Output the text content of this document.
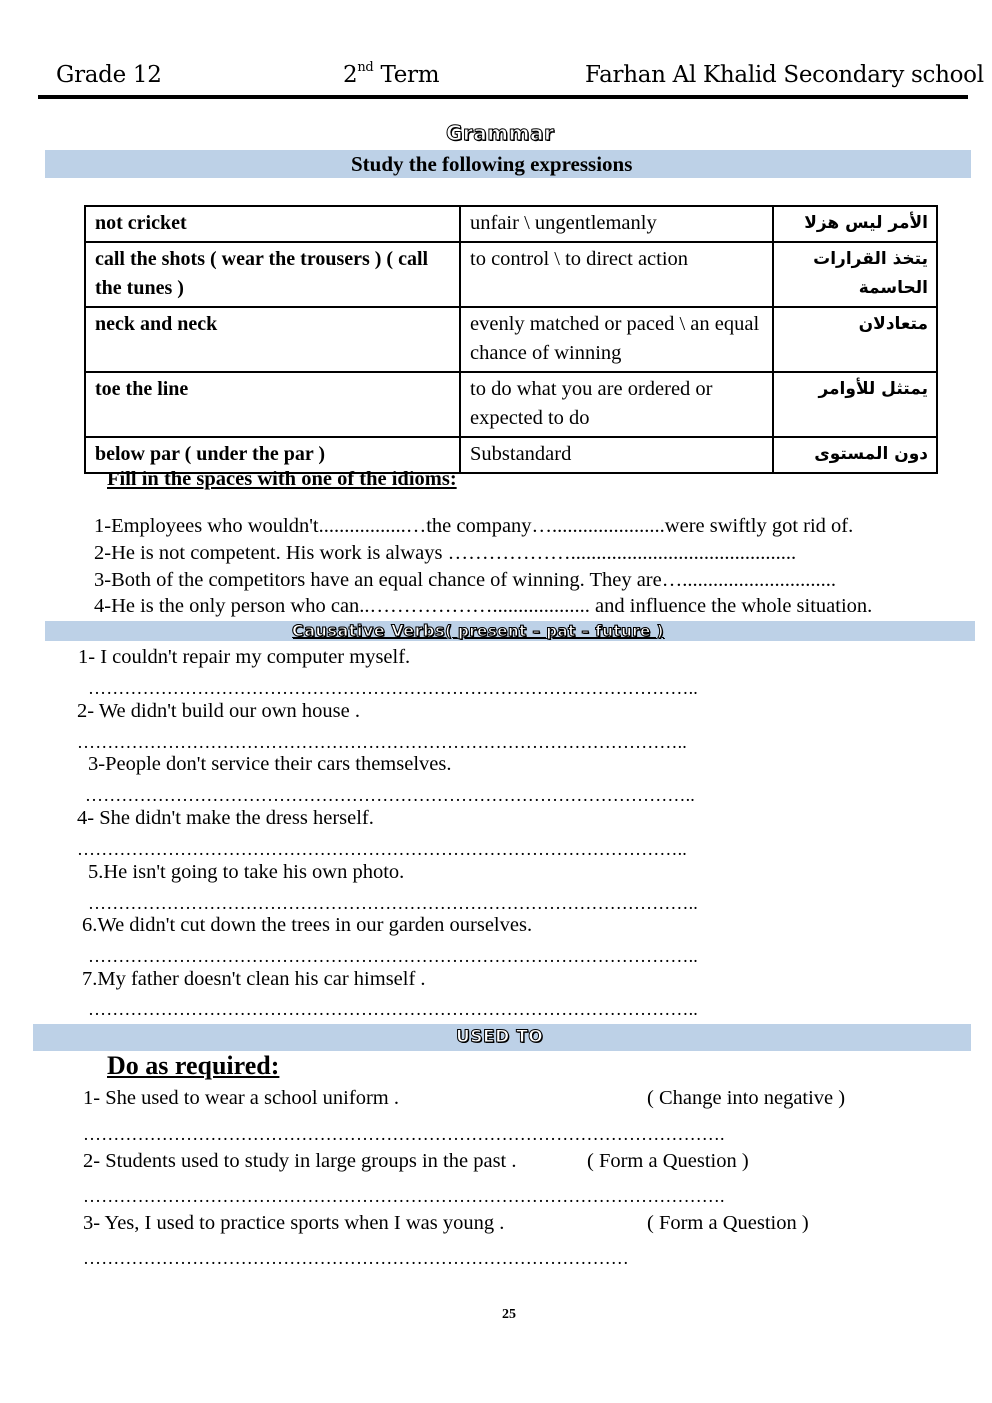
Grade 12	2nd Term	Farhan Al Khalid Secondary school
Grammar
Study the following expressions
not cricket	unfair \ ungentlemanly	الأمر ليس هزلا
call the shots ( wear the trousers ) ( call the tunes )	to control \ to direct action	يتخذ القرارات الحاسمة
neck and neck	evenly matched or paced \ an equal chance of winning	متعادلان
toe the line	to do what you are ordered or expected to do	يمتثل للأوامر
below par ( under the par )	Substandard	دون المستوى
Fill in the spaces with one of the idioms:
1-Employees who wouldn't.................…the company…......................were swiftly got rid of.
2-He is not competent. His work is always ………………............................................
3-Both of the competitors have an equal chance of winning. They are…..............................
4-He is the only person who can..………………................... and influence the whole situation.
Causative Verbs( present – pat – future )
1- I couldn't repair my computer myself.
………………………………………………………………………………………..
2- We didn't build our own house .
………………………………………………………………………………………..
3-People don't service their cars themselves.
………………………………………………………………………………………..
4- She didn't make the dress herself.
………………………………………………………………………………………..
5.He isn't going to take his own photo.
………………………………………………………………………………………..
6.We didn't cut down the trees in our garden ourselves.
………………………………………………………………………………………..
7.My father doesn't clean his car himself .
………………………………………………………………………………………..
USED TO
Do as required:
1- She used to wear a school uniform .	( Change into negative )
…………………………………………………………………………………………….
2- Students used to study in large groups in the past .	( Form a Question )
…………………………………………………………………………………………….
3- Yes, I used to practice sports when I was young .	( Form a Question )
………………………………………………………………………………
25
